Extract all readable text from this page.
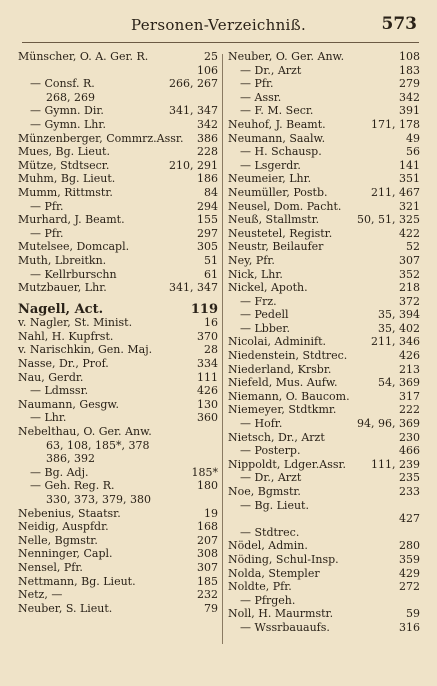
Personen-Verzeichniß.	573
Münscher, O. A. Ger. R.	25
106
— Consf. R.	266, 267
268, 269
— Gymn. Dir.	341, 347
— Gymn. Lhr.	342
Münzenberger, Commrz.Assr. 386
Mues, Bg. Lieut.	228
Mütze, Stdtsecr.	210, 291
Muhm, Bg. Lieut.	186
Mumm, Rittmstr.	84
— Pfr.	294
Murhard, J. Beamt.	155
— Pfr.	297
Mutelsee, Domcapl.	305
Muth, Lbreitkn.	51
— Kellrburschn	61
Mutzbauer, Lhr.	341, 347
Nagell, Act.	119
v. Nagler, St. Minist.	16
Nahl, H. Kupfrst.	370
v. Narischkin, Gen. Maj.	28
Nasse, Dr., Prof.	334
Nau, Gerdr.	111
— Ldmssr.	426
Naumann, Gesgw.	130
— Lhr.	360
Nebelthau, O. Ger. Anw.
63, 108, 185*, 378
386, 392
— Bg. Adj.	185*
— Geh. Reg. R.	180
330, 373, 379, 380
Nebenius, Staatsr.	19
Neidig, Auspfdr.	168
Nelle, Bgmstr.	207
Nenninger, Capl.	308
Nensel, Pfr.	307
Nettmann, Bg. Lieut.	185
Netz, —	232
Neuber, S. Lieut.	79
Neuber, O. Ger. Anw.	108
— Dr., Arzt	183
— Pfr.	279
— Assr.	342
— F. M. Secr.	391
Neuhof, J. Beamt.	171, 178
Neumann, Saalw.	49
— H. Schausp.	56
— Lsgerdr.	141
Neumeier, Lhr.	351
Neumüller, Postb.	211, 467
Neusel, Dom. Pacht.	321
Neuß, Stallmstr.	50, 51, 325
Neustetel, Registr.	422
Neustr, Beilaufer	52
Ney, Pfr.	307
Nick, Lhr.	352
Nickel, Apoth.	218
— Frz.	372
— Pedell	35, 394
— Lbber.	35, 402
Nicolai, Adminift.	211, 346
Niedenstein, Stdtrec.	426
Niederland, Krsbr.	213
Niefeld, Mus. Aufw.	54, 369
Niemann, O. Baucom.	317
Niemeyer, Stdtkmr.	222
— Hofr.	94, 96, 369
Nietsch, Dr., Arzt	230
— Posterp.	466
Nippoldt, Ldger.Assr. 111, 239
— Dr., Arzt	235
Noe, Bgmstr.	233
— Bg. Lieut.
427
— Stdtrec.
Nödel, Admin.	280
Nöding, Schul-Insp.	359
Nolda, Stempler	429
Noldte, Pfr.	272
— Pfrgeh.
Noll, H. Maurmstr.	59
— Wssrbauaufs.	316
